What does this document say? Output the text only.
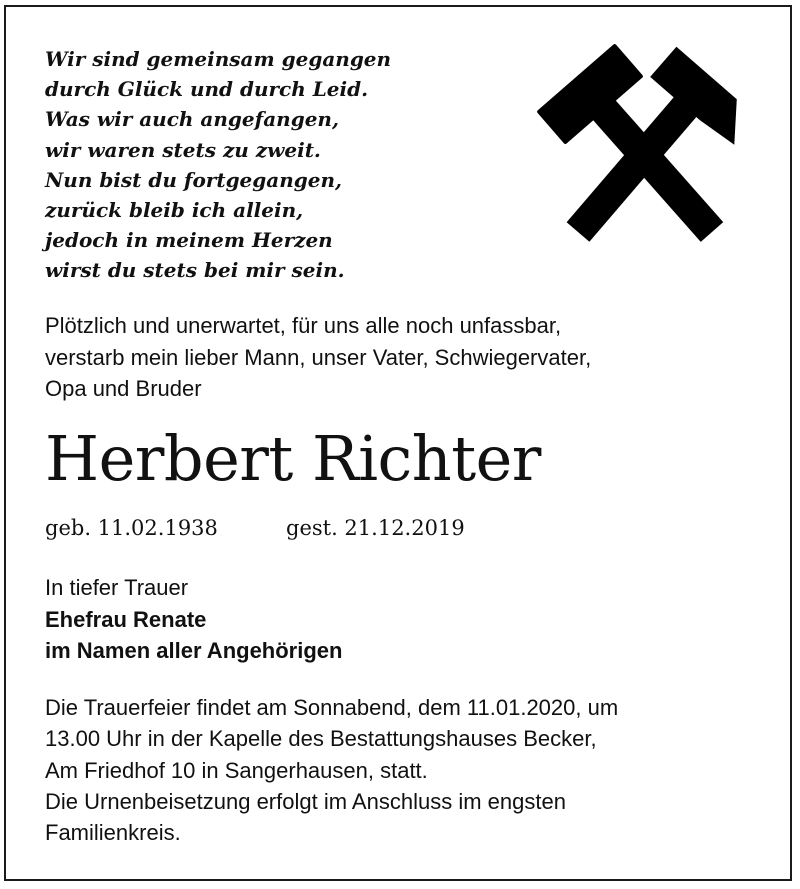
Wir sind gemeinsam gegangen
durch Glück und durch Leid.
Was wir auch angefangen,
wir waren stets zu zweit.
Nun bist du fortgegangen,
zurück bleib ich allein,
jedoch in meinem Herzen
wirst du stets bei mir sein.
Plötzlich und unerwartet, für uns alle noch unfassbar,
verstarb mein lieber Mann, unser Vater, Schwiegervater,
Opa und Bruder
Herbert Richter
geb. 11.02.1938	gest. 21.12.2019
In tiefer Trauer
Ehefrau Renate
im Namen aller Angehörigen
Die Trauerfeier findet am Sonnabend, dem 11.01.2020, um
13.00 Uhr in der Kapelle des Bestattungshauses Becker,
Am Friedhof 10 in Sangerhausen, statt.
Die Urnenbeisetzung erfolgt im Anschluss im engsten
Familienkreis.
